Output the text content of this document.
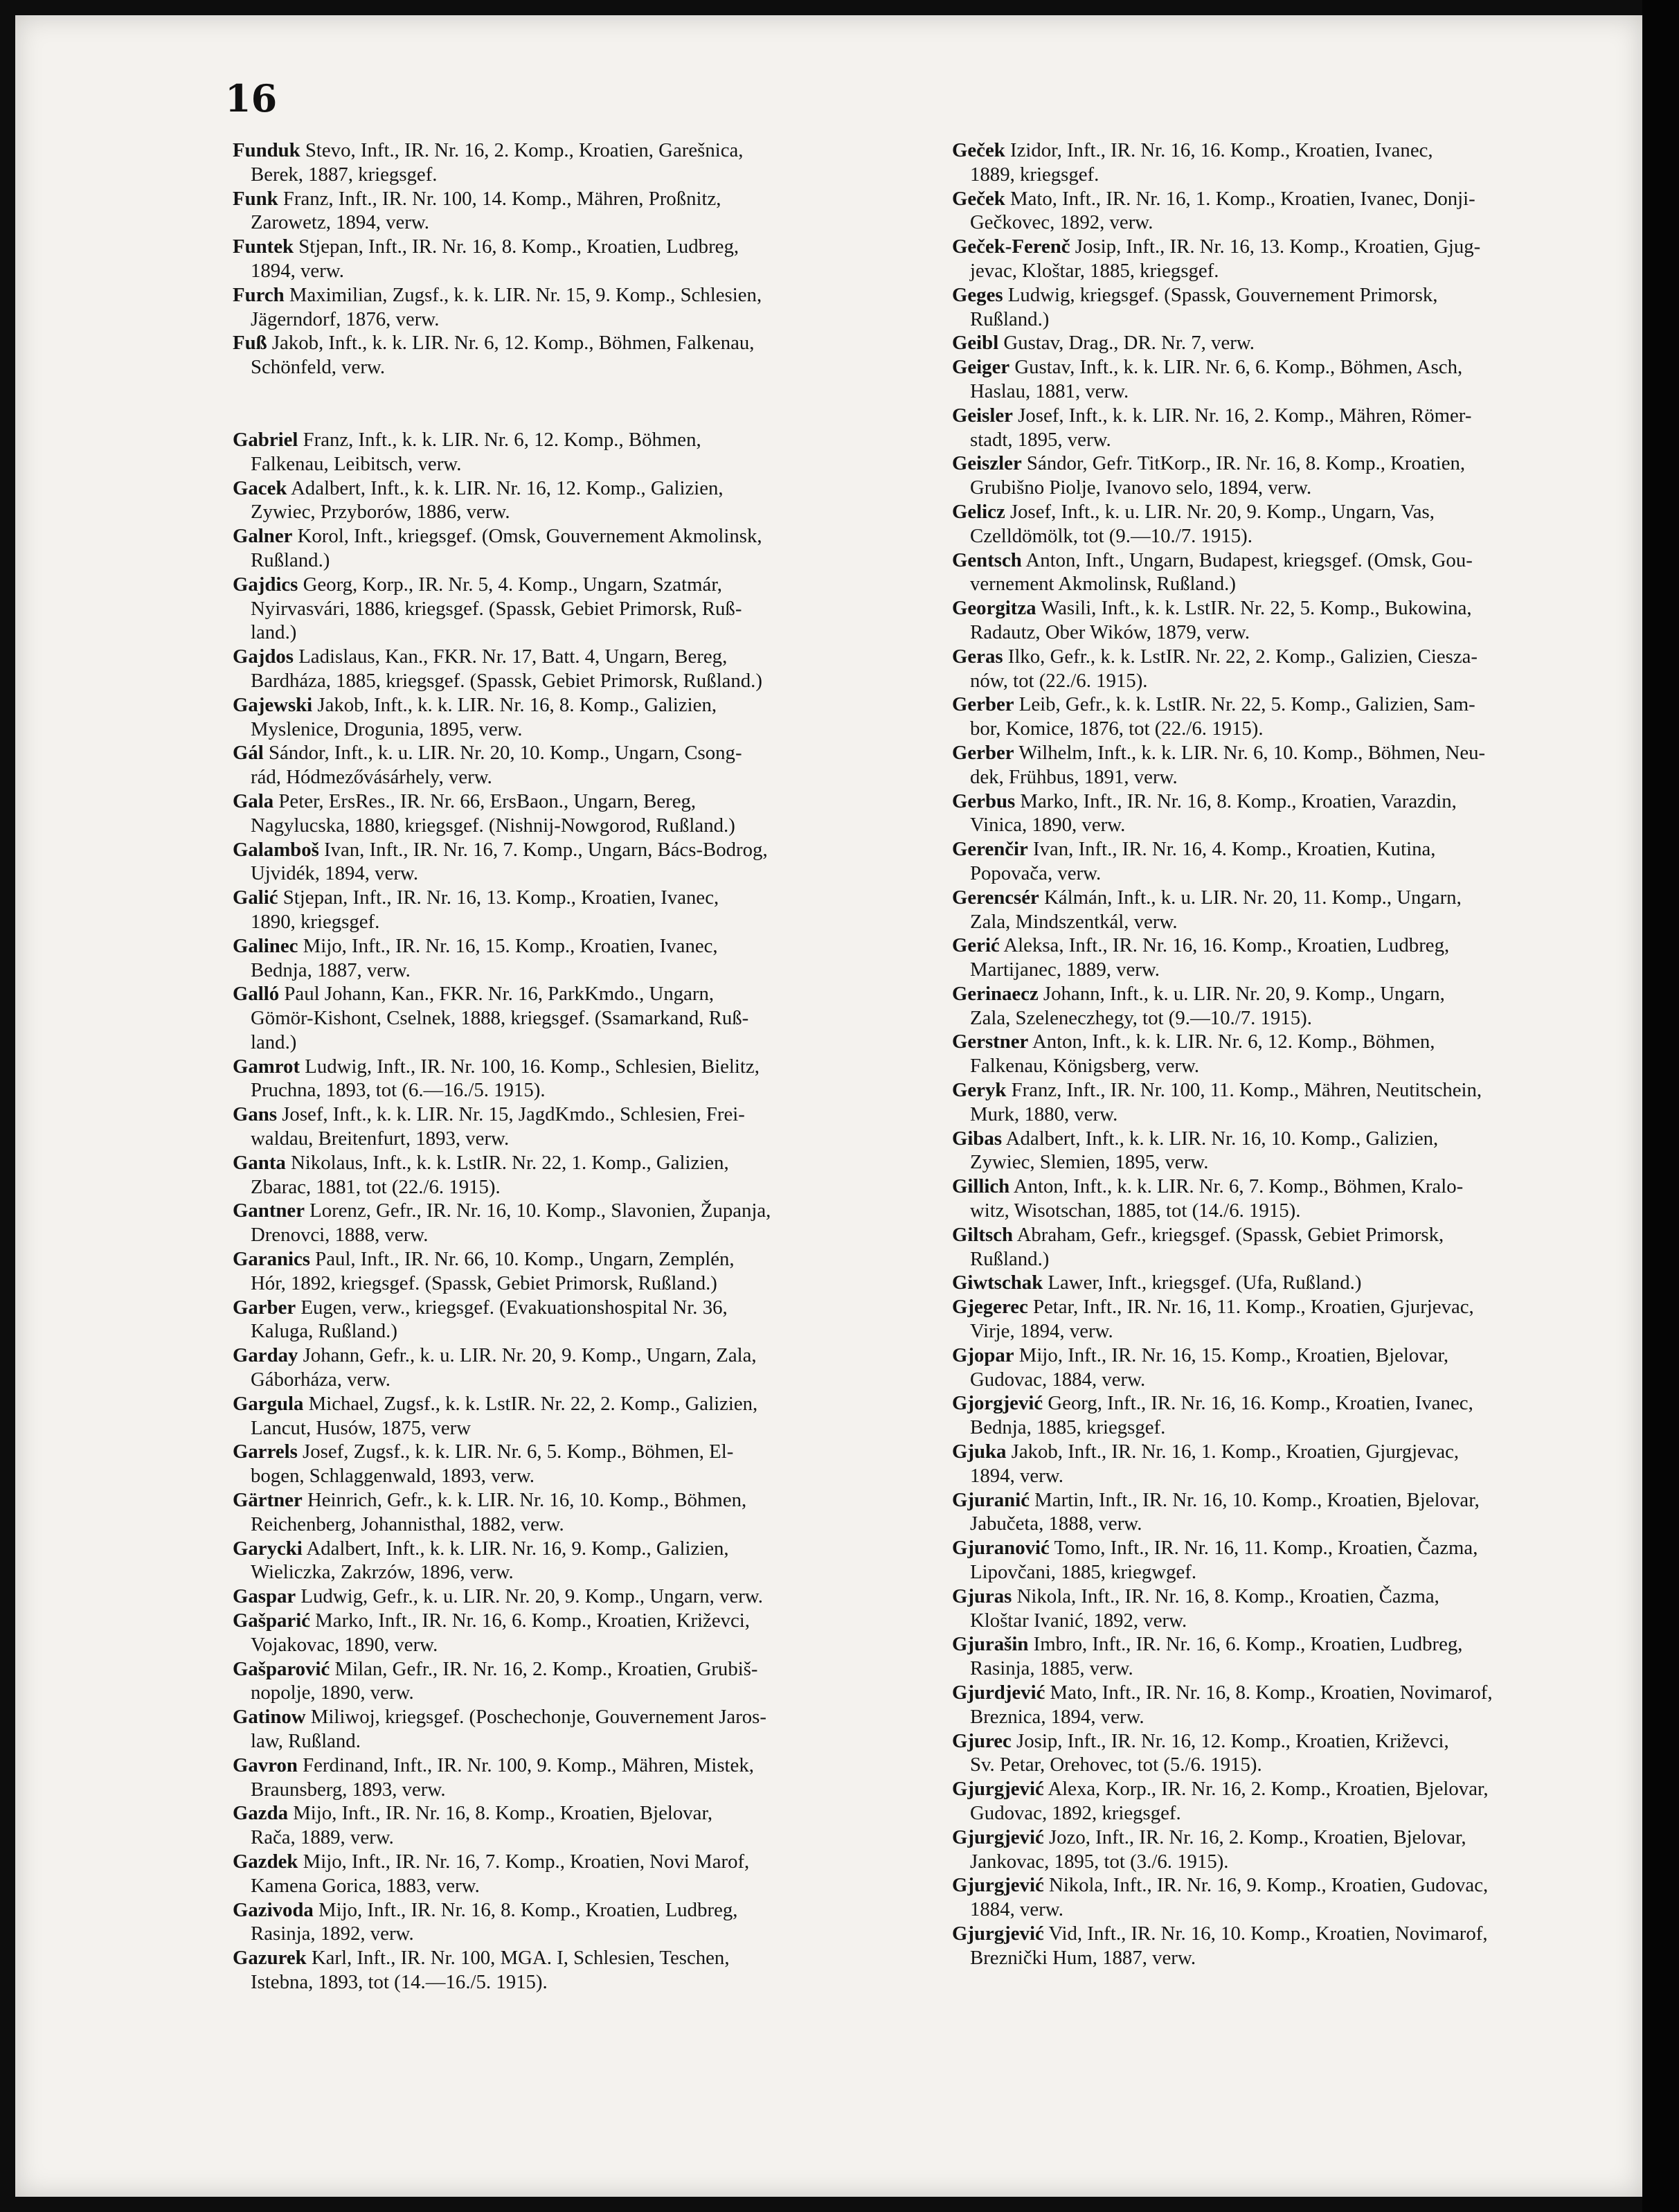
16
Funduk Stevo, Inft., IR. Nr. 16, 2. Komp., Kroatien, Garešnica,
Berek, 1887, kriegsgef.
Funk Franz, Inft., IR. Nr. 100, 14. Komp., Mähren, Proßnitz,
Zarowetz, 1894, verw.
Funtek Stjepan, Inft., IR. Nr. 16, 8. Komp., Kroatien, Ludbreg,
1894, verw.
Furch Maximilian, Zugsf., k. k. LIR. Nr. 15, 9. Komp., Schlesien,
Jägerndorf, 1876, verw.
Fuß Jakob, Inft., k. k. LIR. Nr. 6, 12. Komp., Böhmen, Falkenau,
Schönfeld, verw.
Gabriel Franz, Inft., k. k. LIR. Nr. 6, 12. Komp., Böhmen,
Falkenau, Leibitsch, verw.
Gacek Adalbert, Inft., k. k. LIR. Nr. 16, 12. Komp., Galizien,
Zywiec, Przyborów, 1886, verw.
Galner Korol, Inft., kriegsgef. (Omsk, Gouvernement Akmolinsk,
Rußland.)
Gajdics Georg, Korp., IR. Nr. 5, 4. Komp., Ungarn, Szatmár,
Nyirvasvári, 1886, kriegsgef. (Spassk, Gebiet Primorsk, Ruß-
land.)
Gajdos Ladislaus, Kan., FKR. Nr. 17, Batt. 4, Ungarn, Bereg,
Bardháza, 1885, kriegsgef. (Spassk, Gebiet Primorsk, Rußland.)
Gajewski Jakob, Inft., k. k. LIR. Nr. 16, 8. Komp., Galizien,
Myslenice, Drogunia, 1895, verw.
Gál Sándor, Inft., k. u. LIR. Nr. 20, 10. Komp., Ungarn, Csong-
rád, Hódmezővásárhely, verw.
Gala Peter, ErsRes., IR. Nr. 66, ErsBaon., Ungarn, Bereg,
Nagylucska, 1880, kriegsgef. (Nishnij-Nowgorod, Rußland.)
Galamboš Ivan, Inft., IR. Nr. 16, 7. Komp., Ungarn, Bács-Bodrog,
Ujvidék, 1894, verw.
Galić Stjepan, Inft., IR. Nr. 16, 13. Komp., Kroatien, Ivanec,
1890, kriegsgef.
Galinec Mijo, Inft., IR. Nr. 16, 15. Komp., Kroatien, Ivanec,
Bednja, 1887, verw.
Galló Paul Johann, Kan., FKR. Nr. 16, ParkKmdo., Ungarn,
Gömör-Kishont, Cselnek, 1888, kriegsgef. (Ssamarkand, Ruß-
land.)
Gamrot Ludwig, Inft., IR. Nr. 100, 16. Komp., Schlesien, Bielitz,
Pruchna, 1893, tot (6.—16./5. 1915).
Gans Josef, Inft., k. k. LIR. Nr. 15, JagdKmdo., Schlesien, Frei-
waldau, Breitenfurt, 1893, verw.
Ganta Nikolaus, Inft., k. k. LstIR. Nr. 22, 1. Komp., Galizien,
Zbarac, 1881, tot (22./6. 1915).
Gantner Lorenz, Gefr., IR. Nr. 16, 10. Komp., Slavonien, Županja,
Drenovci, 1888, verw.
Garanics Paul, Inft., IR. Nr. 66, 10. Komp., Ungarn, Zemplén,
Hór, 1892, kriegsgef. (Spassk, Gebiet Primorsk, Rußland.)
Garber Eugen, verw., kriegsgef. (Evakuationshospital Nr. 36,
Kaluga, Rußland.)
Garday Johann, Gefr., k. u. LIR. Nr. 20, 9. Komp., Ungarn, Zala,
Gáborháza, verw.
Gargula Michael, Zugsf., k. k. LstIR. Nr. 22, 2. Komp., Galizien,
Lancut, Husów, 1875, verw
Garrels Josef, Zugsf., k. k. LIR. Nr. 6, 5. Komp., Böhmen, El-
bogen, Schlaggenwald, 1893, verw.
Gärtner Heinrich, Gefr., k. k. LIR. Nr. 16, 10. Komp., Böhmen,
Reichenberg, Johannisthal, 1882, verw.
Garycki Adalbert, Inft., k. k. LIR. Nr. 16, 9. Komp., Galizien,
Wieliczka, Zakrzów, 1896, verw.
Gaspar Ludwig, Gefr., k. u. LIR. Nr. 20, 9. Komp., Ungarn, verw.
Gašparić Marko, Inft., IR. Nr. 16, 6. Komp., Kroatien, Križevci,
Vojakovac, 1890, verw.
Gašparović Milan, Gefr., IR. Nr. 16, 2. Komp., Kroatien, Grubiš-
nopolje, 1890, verw.
Gatinow Miliwoj, kriegsgef. (Poschechonje, Gouvernement Jaros-
law, Rußland.
Gavron Ferdinand, Inft., IR. Nr. 100, 9. Komp., Mähren, Mistek,
Braunsberg, 1893, verw.
Gazda Mijo, Inft., IR. Nr. 16, 8. Komp., Kroatien, Bjelovar,
Rača, 1889, verw.
Gazdek Mijo, Inft., IR. Nr. 16, 7. Komp., Kroatien, Novi Marof,
Kamena Gorica, 1883, verw.
Gazivoda Mijo, Inft., IR. Nr. 16, 8. Komp., Kroatien, Ludbreg,
Rasinja, 1892, verw.
Gazurek Karl, Inft., IR. Nr. 100, MGA. I, Schlesien, Teschen,
Istebna, 1893, tot (14.—16./5. 1915).
Geček Izidor, Inft., IR. Nr. 16, 16. Komp., Kroatien, Ivanec,
1889, kriegsgef.
Geček Mato, Inft., IR. Nr. 16, 1. Komp., Kroatien, Ivanec, Donji-
Gečkovec, 1892, verw.
Geček-Ferenč Josip, Inft., IR. Nr. 16, 13. Komp., Kroatien, Gjug-
jevac, Kloštar, 1885, kriegsgef.
Geges Ludwig, kriegsgef. (Spassk, Gouvernement Primorsk,
Rußland.)
Geibl Gustav, Drag., DR. Nr. 7, verw.
Geiger Gustav, Inft., k. k. LIR. Nr. 6, 6. Komp., Böhmen, Asch,
Haslau, 1881, verw.
Geisler Josef, Inft., k. k. LIR. Nr. 16, 2. Komp., Mähren, Römer-
stadt, 1895, verw.
Geiszler Sándor, Gefr. TitKorp., IR. Nr. 16, 8. Komp., Kroatien,
Grubišno Piolje, Ivanovo selo, 1894, verw.
Gelicz Josef, Inft., k. u. LIR. Nr. 20, 9. Komp., Ungarn, Vas,
Czelldömölk, tot (9.—10./7. 1915).
Gentsch Anton, Inft., Ungarn, Budapest, kriegsgef. (Omsk, Gou-
vernement Akmolinsk, Rußland.)
Georgitza Wasili, Inft., k. k. LstIR. Nr. 22, 5. Komp., Bukowina,
Radautz, Ober Wików, 1879, verw.
Geras Ilko, Gefr., k. k. LstIR. Nr. 22, 2. Komp., Galizien, Ciesza-
nów, tot (22./6. 1915).
Gerber Leib, Gefr., k. k. LstIR. Nr. 22, 5. Komp., Galizien, Sam-
bor, Komice, 1876, tot (22./6. 1915).
Gerber Wilhelm, Inft., k. k. LIR. Nr. 6, 10. Komp., Böhmen, Neu-
dek, Frühbus, 1891, verw.
Gerbus Marko, Inft., IR. Nr. 16, 8. Komp., Kroatien, Varazdin,
Vinica, 1890, verw.
Gerenčir Ivan, Inft., IR. Nr. 16, 4. Komp., Kroatien, Kutina,
Popovača, verw.
Gerencsér Kálmán, Inft., k. u. LIR. Nr. 20, 11. Komp., Ungarn,
Zala, Mindszentkál, verw.
Gerić Aleksa, Inft., IR. Nr. 16, 16. Komp., Kroatien, Ludbreg,
Martijanec, 1889, verw.
Gerinaecz Johann, Inft., k. u. LIR. Nr. 20, 9. Komp., Ungarn,
Zala, Szeleneczhegy, tot (9.—10./7. 1915).
Gerstner Anton, Inft., k. k. LIR. Nr. 6, 12. Komp., Böhmen,
Falkenau, Königsberg, verw.
Geryk Franz, Inft., IR. Nr. 100, 11. Komp., Mähren, Neutitschein,
Murk, 1880, verw.
Gibas Adalbert, Inft., k. k. LIR. Nr. 16, 10. Komp., Galizien,
Zywiec, Slemien, 1895, verw.
Gillich Anton, Inft., k. k. LIR. Nr. 6, 7. Komp., Böhmen, Kralo-
witz, Wisotschan, 1885, tot (14./6. 1915).
Giltsch Abraham, Gefr., kriegsgef. (Spassk, Gebiet Primorsk,
Rußland.)
Giwtschak Lawer, Inft., kriegsgef. (Ufa, Rußland.)
Gjegerec Petar, Inft., IR. Nr. 16, 11. Komp., Kroatien, Gjurjevac,
Virje, 1894, verw.
Gjopar Mijo, Inft., IR. Nr. 16, 15. Komp., Kroatien, Bjelovar,
Gudovac, 1884, verw.
Gjorgjević Georg, Inft., IR. Nr. 16, 16. Komp., Kroatien, Ivanec,
Bednja, 1885, kriegsgef.
Gjuka Jakob, Inft., IR. Nr. 16, 1. Komp., Kroatien, Gjurgjevac,
1894, verw.
Gjuranić Martin, Inft., IR. Nr. 16, 10. Komp., Kroatien, Bjelovar,
Jabučeta, 1888, verw.
Gjuranović Tomo, Inft., IR. Nr. 16, 11. Komp., Kroatien, Čazma,
Lipovčani, 1885, kriegwgef.
Gjuras Nikola, Inft., IR. Nr. 16, 8. Komp., Kroatien, Čazma,
Kloštar Ivanić, 1892, verw.
Gjurašin Imbro, Inft., IR. Nr. 16, 6. Komp., Kroatien, Ludbreg,
Rasinja, 1885, verw.
Gjurdjević Mato, Inft., IR. Nr. 16, 8. Komp., Kroatien, Novimarof,
Breznica, 1894, verw.
Gjurec Josip, Inft., IR. Nr. 16, 12. Komp., Kroatien, Križevci,
Sv. Petar, Orehovec, tot (5./6. 1915).
Gjurgjević Alexa, Korp., IR. Nr. 16, 2. Komp., Kroatien, Bjelovar,
Gudovac, 1892, kriegsgef.
Gjurgjević Jozo, Inft., IR. Nr. 16, 2. Komp., Kroatien, Bjelovar,
Jankovac, 1895, tot (3./6. 1915).
Gjurgjević Nikola, Inft., IR. Nr. 16, 9. Komp., Kroatien, Gudovac,
1884, verw.
Gjurgjević Vid, Inft., IR. Nr. 16, 10. Komp., Kroatien, Novimarof,
Breznički Hum, 1887, verw.
